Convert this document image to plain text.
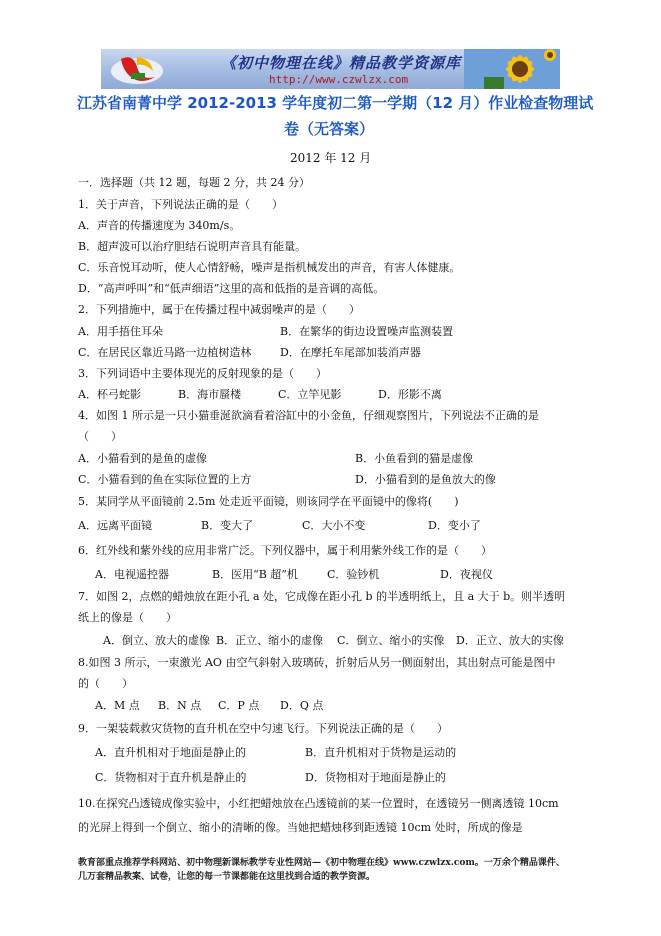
《初中物理在线》精品教学资源库
http://www.czwlzx.com
江苏省南菁中学 2012-2013 学年度初二第一学期（12 月）作业检查物理试
卷（无答案）
2012 年 12 月
一．选择题（共 12 题，每题 2 分，共 24 分）
1．关于声音，下列说法正确的是（　　）
A．声音的传播速度为 340m/s。
B．超声波可以治疗胆结石说明声音具有能量。
C．乐音悦耳动听，使人心情舒畅，噪声是指机械发出的声音，有害人体健康。
D．“高声呼叫”和“低声细语”这里的高和低指的是音调的高低。
2．下列措施中，属于在传播过程中减弱噪声的是（　　）
A．用手捂住耳朵	B．在繁华的街边设置噪声监测装置
C．在居民区靠近马路一边植树造林	D．在摩托车尾部加装消声器
3．下列词语中主要体现光的反射现象的是（　　）
A．杯弓蛇影	B．海市蜃楼	C．立竿见影	D．形影不离
4．如图 1 所示是一只小猫垂涎欲滴看着浴缸中的小金鱼，仔细观察图片，下列说法不正确的是
（　　）
A．小猫看到的是鱼的虚像	B．小鱼看到的猫是虚像
C．小猫看到的鱼在实际位置的上方	D．小猫看到的是鱼放大的像
5．某同学从平面镜前 2.5m 处走近平面镜，则该同学在平面镜中的像将(　　)
A．远离平面镜	B．变大了	C．大小不变	D．变小了
6．红外线和紫外线的应用非常广泛。下列仪器中，属于利用紫外线工作的是（　　）
A．电视遥控器	B．医用“B 超”机	C．验钞机	D．夜视仪
7．如图 2，点燃的蜡烛放在距小孔 a 处，它成像在距小孔 b 的半透明纸上，且 a 大于 b。则半透明
纸上的像是（　　）
A．倒立、放大的虚像 B．正立、缩小的虚像 C．倒立、缩小的实像 D．正立、放大的实像
8.如图 3 所示，一束激光 AO 由空气斜射入玻璃砖，折射后从另一侧面射出，其出射点可能是图中
的（　　）
A．M 点 B．N 点 C．P 点 D．Q 点
9．一架装载救灾货物的直升机在空中匀速飞行。下列说法正确的是（　　）
A．直升机相对于地面是静止的	B．直升机相对于货物是运动的
C．货物相对于直升机是静止的	D．货物相对于地面是静止的
10.在探究凸透镜成像实验中，小红把蜡烛放在凸透镜前的某一位置时，在透镜另一侧离透镜 10cm
的光屏上得到一个倒立、缩小的清晰的像。当她把蜡烛移到距透镜 10cm 处时，所成的像是
教育部重点推荐学科网站、初中物理新课标教学专业性网站—《初中物理在线》www.czwlzx.com。一万余个精品课件、
几万套精品教案、试卷，让您的每一节课都能在这里找到合适的教学资源。
